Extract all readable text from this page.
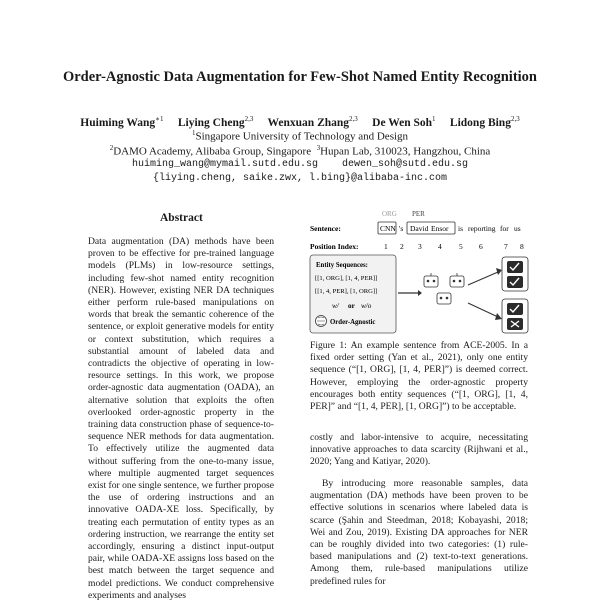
Order-Agnostic Data Augmentation for Few-Shot Named Entity Recognition
Huiming Wang$^{∗1}$ Liying Cheng$^{2,3}$ Wenxuan Zhang$^{2,3}$ De Wen Soh$^1$ Lidong Bing$^{2,3}$
$^1$Singapore University of Technology and Design
$^2$DAMO Academy, Alibaba Group, Singapore $^3$Hupan Lab, 310023, Hangzhou, China
huiming_wang@mymail.sutd.edu.sg dewen_soh@sutd.edu.sg
{liying.cheng, saike.zwx, l.bing}@alibaba-inc.com
Abstract

Data augmentation (DA) methods have been proven to be effective for pre-trained language models (PLMs) in low-resource settings, including few-shot named entity recognition (NER). However, existing NER DA techniques either perform rule-based manipulations on words that break the semantic coherence of the sentence, or exploit generative models for entity or context substitution, which requires a substantial amount of labeled data and contradicts the objective of operating in low-resource settings. In this work, we propose order-agnostic data augmentation (OADA), an alternative solution that exploits the often overlooked order-agnostic property in the training data construction phase of sequence-to-sequence NER methods for data augmentation. To effectively utilize the augmented data without suffering from the one-to-many issue, where multiple augmented target sequences exist for one single sentence, we further propose the use of ordering instructions and an innovative OADA-XE loss. Specifically, by treating each permutation of entity types as an ordering instruction, we rearrange the entity set accordingly, ensuring a distinct input-output pair, while OADA-XE assigns loss based on the best match between the target sequence and model predictions. We conduct comprehensive experiments and analyses

ORG PER
Sentence:	CNN 's David Ensor is reporting for us
Position Index:	1 2 3 4 5 6	7 8
Entity Sequences:
[[1, ORG], [1, 4, PER]]
[[1, 4, PER], [1, ORG]]
w/ or w/o
Order-Agnostic

Figure 1: An example sentence from ACE-2005. In a fixed order setting (Yan et al., 2021), only one entity sequence (“[1, ORG], [1, 4, PER]”) is deemed correct. However, employing the order-agnostic property encourages both entity sequences (“[1, ORG], [1, 4, PER]” and “[1, 4, PER], [1, ORG]”) to be acceptable.

costly and labor-intensive to acquire, necessitating innovative approaches to data scarcity (Rijhwani et al., 2020; Yang and Katiyar, 2020).

By introducing more reasonable samples, data augmentation (DA) methods have been proven to be effective solutions in scenarios where labeled data is scarce (Şahin and Steedman, 2018; Kobayashi, 2018; Wei and Zou, 2019). Existing DA approaches for NER can be roughly divided into two categories: (1) rule-based manipulations and (2) text-to-text generations. Among them, rule-based manipulations utilize predefined rules for
